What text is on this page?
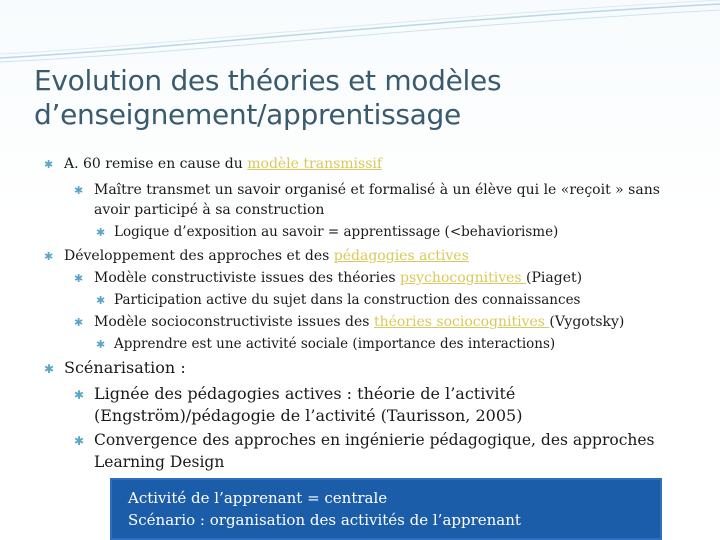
Evolution des théories et modèles
d’enseignement/apprentissage
✱ A. 60 remise en cause du modèle transmissif
✱ Maître transmet un savoir organisé et formalisé à un élève qui le «reçoit » sans
avoir participé à sa construction
✱ Logique d’exposition au savoir = apprentissage (<behaviorisme)
✱ Développement des approches et des pédagogies actives
✱ Modèle constructiviste issues des théories psychocognitives (Piaget)
✱ Participation active du sujet dans la construction des connaissances
✱ Modèle socioconstructiviste issues des théories sociocognitives (Vygotsky)
✱ Apprendre est une activité sociale (importance des interactions)
✱ Scénarisation :
✱ Lignée des pédagogies actives : théorie de l’activité
(Engström)/pédagogie de l’activité (Taurisson, 2005)
✱ Convergence des approches en ingénierie pédagogique, des approches
Learning Design
Activité de l’apprenant = centrale
Scénario : organisation des activités de l’apprenant
